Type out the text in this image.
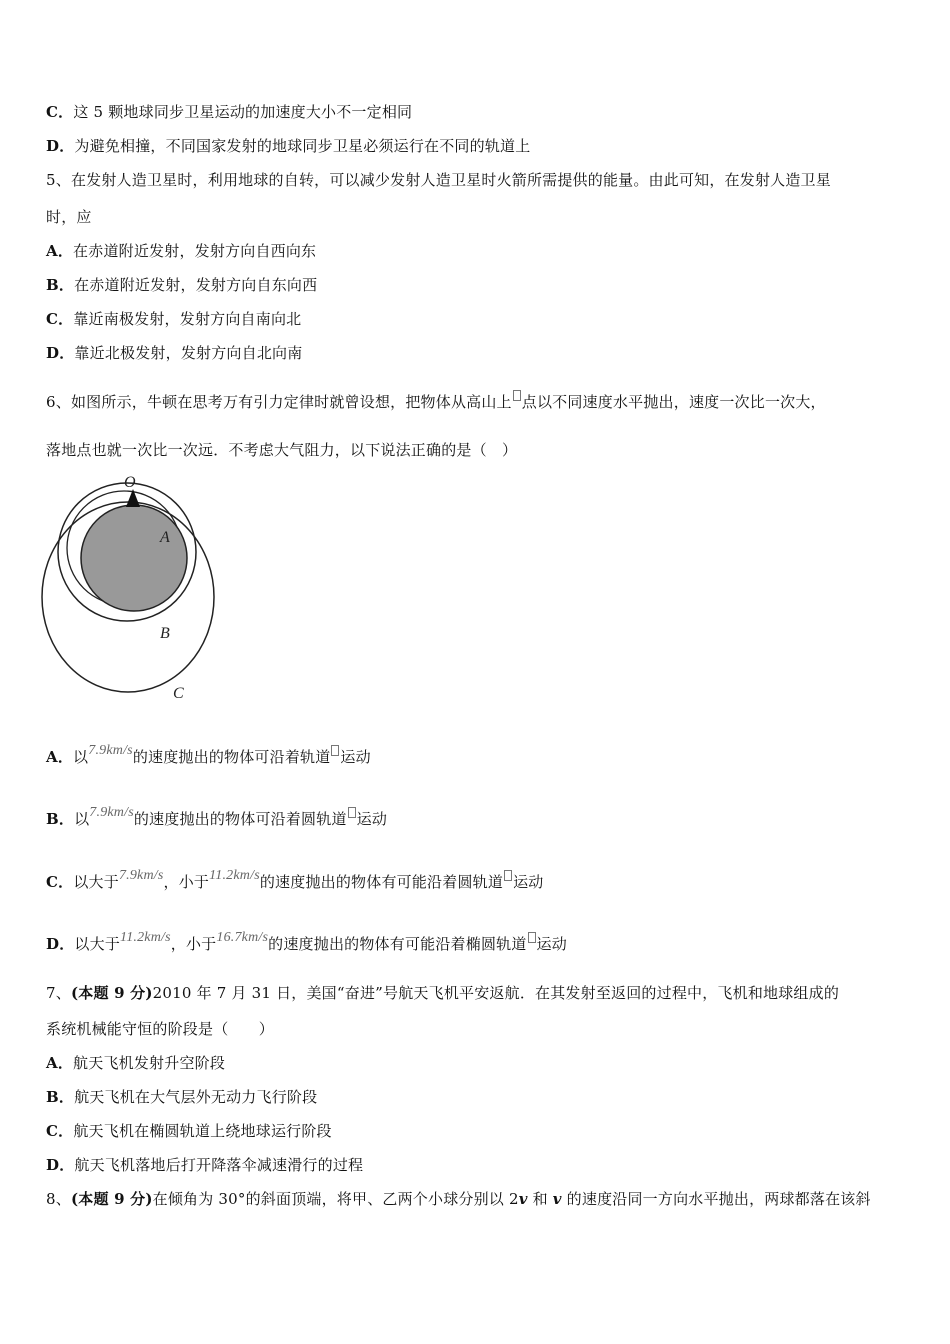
C．这 5 颗地球同步卫星运动的加速度大小不一定相同
D．为避免相撞，不同国家发射的地球同步卫星必须运行在不同的轨道上
5、在发射人造卫星时，利用地球的自转，可以减少发射人造卫星时火箭所需提供的能量。由此可知，在发射人造卫星
时，应
A．在赤道附近发射，发射方向自西向东
B．在赤道附近发射，发射方向自东向西
C．靠近南极发射，发射方向自南向北
D．靠近北极发射，发射方向自北向南
6、如图所示，牛顿在思考万有引力定律时就曾设想，把物体从高山上 点以不同速度水平抛出，速度一次比一次大，
落地点也就一次比一次远．不考虑大气阻力，以下说法正确的是（　）
O
A
B
C
A．以7.9km/s的速度抛出的物体可沿着轨道 运动
B．以7.9km/s的速度抛出的物体可沿着圆轨道 运动
C．以大于7.9km/s，小于11.2km/s的速度抛出的物体有可能沿着圆轨道 运动
D．以大于11.2km/s，小于16.7km/s的速度抛出的物体有可能沿着椭圆轨道 运动
7、(本题 9 分)2010 年 7 月 31 日，美国“奋进”号航天飞机平安返航．在其发射至返回的过程中，飞机和地球组成的
系统机械能守恒的阶段是（　　）
A．航天飞机发射升空阶段
B．航天飞机在大气层外无动力飞行阶段
C．航天飞机在椭圆轨道上绕地球运行阶段
D．航天飞机落地后打开降落伞减速滑行的过程
8、(本题 9 分)在倾角为 30°的斜面顶端，将甲、乙两个小球分别以 2v 和 v 的速度沿同一方向水平抛出，两球都落在该斜
